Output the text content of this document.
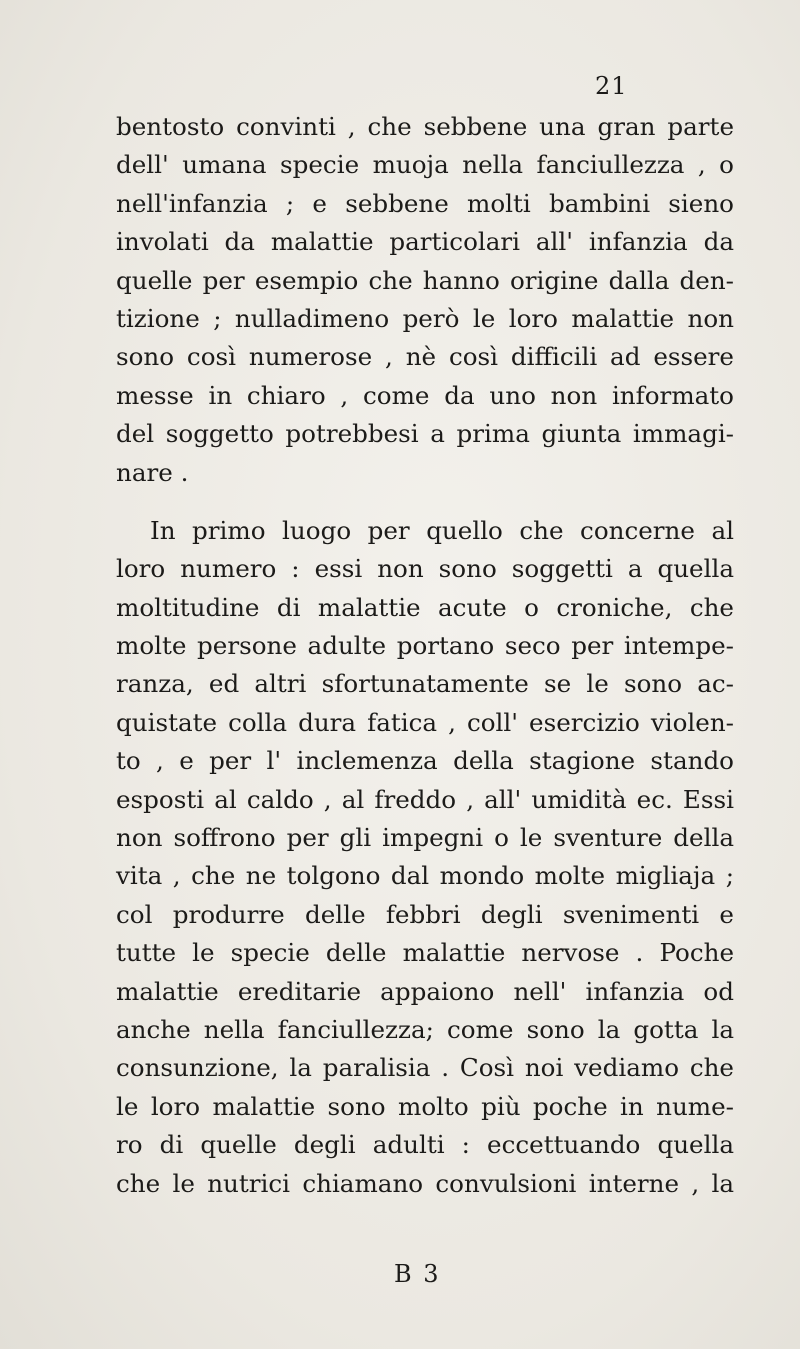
21
bentosto convinti , che sebbene una gran parte
dell' umana specie muoja nella fanciullezza , o
nell'infanzia ; e sebbene molti bambini sieno
involati da malattie particolari all' infanzia da
quelle per esempio che hanno origine dalla den-
tizione ; nulladimeno però le loro malattie non
sono così numerose , nè così difficili ad essere
messe in chiaro , come da uno non informato
del soggetto potrebbesi a prima giunta immagi-
nare .
In primo luogo per quello che concerne al
loro numero : essi non sono soggetti a quella
moltitudine di malattie acute o croniche, che
molte persone adulte portano seco per intempe-
ranza, ed altri sfortunatamente se le sono ac-
quistate colla dura fatica , coll' esercizio violen-
to , e per l' inclemenza della stagione stando
esposti al caldo , al freddo , all' umidità ec. Essi
non soffrono per gli impegni o le sventure della
vita , che ne tolgono dal mondo molte migliaja ;
col produrre delle febbri degli svenimenti e
tutte le specie delle malattie nervose . Poche
malattie ereditarie appaiono nell' infanzia od
anche nella fanciullezza; come sono la gotta la
consunzione, la paralisia . Così noi vediamo che
le loro malattie sono molto più poche in nume-
ro di quelle degli adulti : eccettuando quella
che le nutrici chiamano convulsioni interne , la
B 3
